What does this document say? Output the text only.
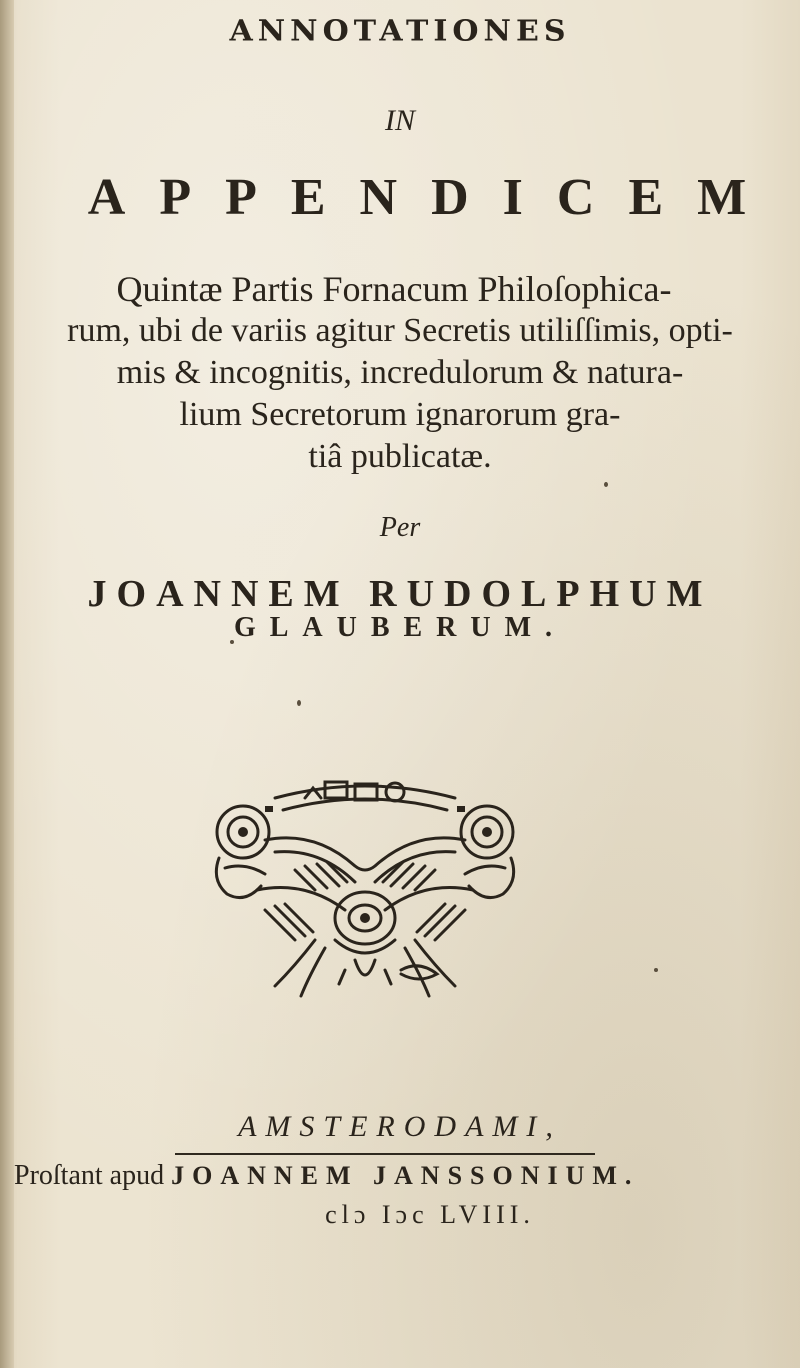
ANNOTATIONES
IN
APPENDICEM
Quintæ Partis Fornacum Philoſophica-
rum, ubi de variis agitur Secretis utiliſſimis, opti-
mis & incognitis, incredulorum & natura-
lium Secretorum ignarorum gra-
tiâ publicatæ.
Per
JOANNEM RUDOLPHUM
GLAUBERUM.
AMSTERODAMI,
Proſtant apud JOANNEM JANSSONIUM.
clɔ Iɔc LVIII.
